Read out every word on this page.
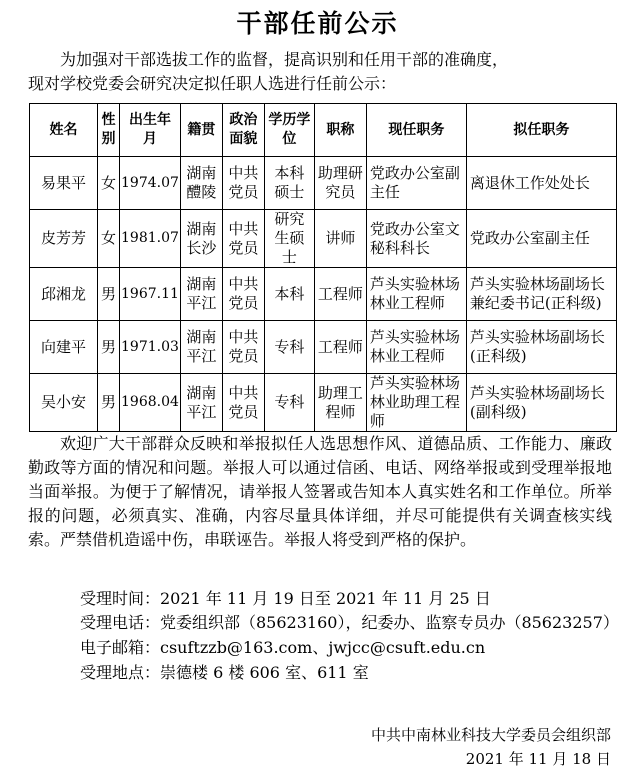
干部任前公示
为加强对干部选拔工作的监督，提高识别和任用干部的准确度，
现对学校党委会研究决定拟任职人选进行任前公示：
姓名	性别	出生年月	籍贯	政治面貌	学历学位	职称	现任职务	拟任职务
易果平	女	1974.07	湖南醴陵	中共党员	本科硕士	助理研究员	党政办公室副主任	离退休工作处处长
皮芳芳	女	1981.07	湖南长沙	中共党员	研究生硕士	讲师	党政办公室文秘科科长	党政办公室副主任
邱湘龙	男	1967.11	湖南平江	中共党员	本科	工程师	芦头实验林场林业工程师	芦头实验林场副场长兼纪委书记(正科级)
向建平	男	1971.03	湖南平江	中共党员	专科	工程师	芦头实验林场林业工程师	芦头实验林场副场长(正科级)
吴小安	男	1968.04	湖南平江	中共党员	专科	助理工程师	芦头实验林场林业助理工程师	芦头实验林场副场长(副科级)
欢迎广大干部群众反映和举报拟任人选思想作风、道德品质、工作能力、廉政勤政等方面的情况和问题。举报人可以通过信函、电话、网络举报或到受理举报地当面举报。为便于了解情况，请举报人签署或告知本人真实姓名和工作单位。所举报的问题，必须真实、准确，内容尽量具体详细，并尽可能提供有关调查核实线索。严禁借机造谣中伤，串联诬告。举报人将受到严格的保护。
受理时间：2021 年 11 月 19 日至 2021 年 11 月 25 日
受理电话：党委组织部（85623160），纪委办、监察专员办（85623257）
电子邮箱：csuftzzb@163.com、jwjcc@csuft.edu.cn
受理地点：崇德楼 6 楼 606 室、611 室
中共中南林业科技大学委员会组织部
2021 年 11 月 18 日
